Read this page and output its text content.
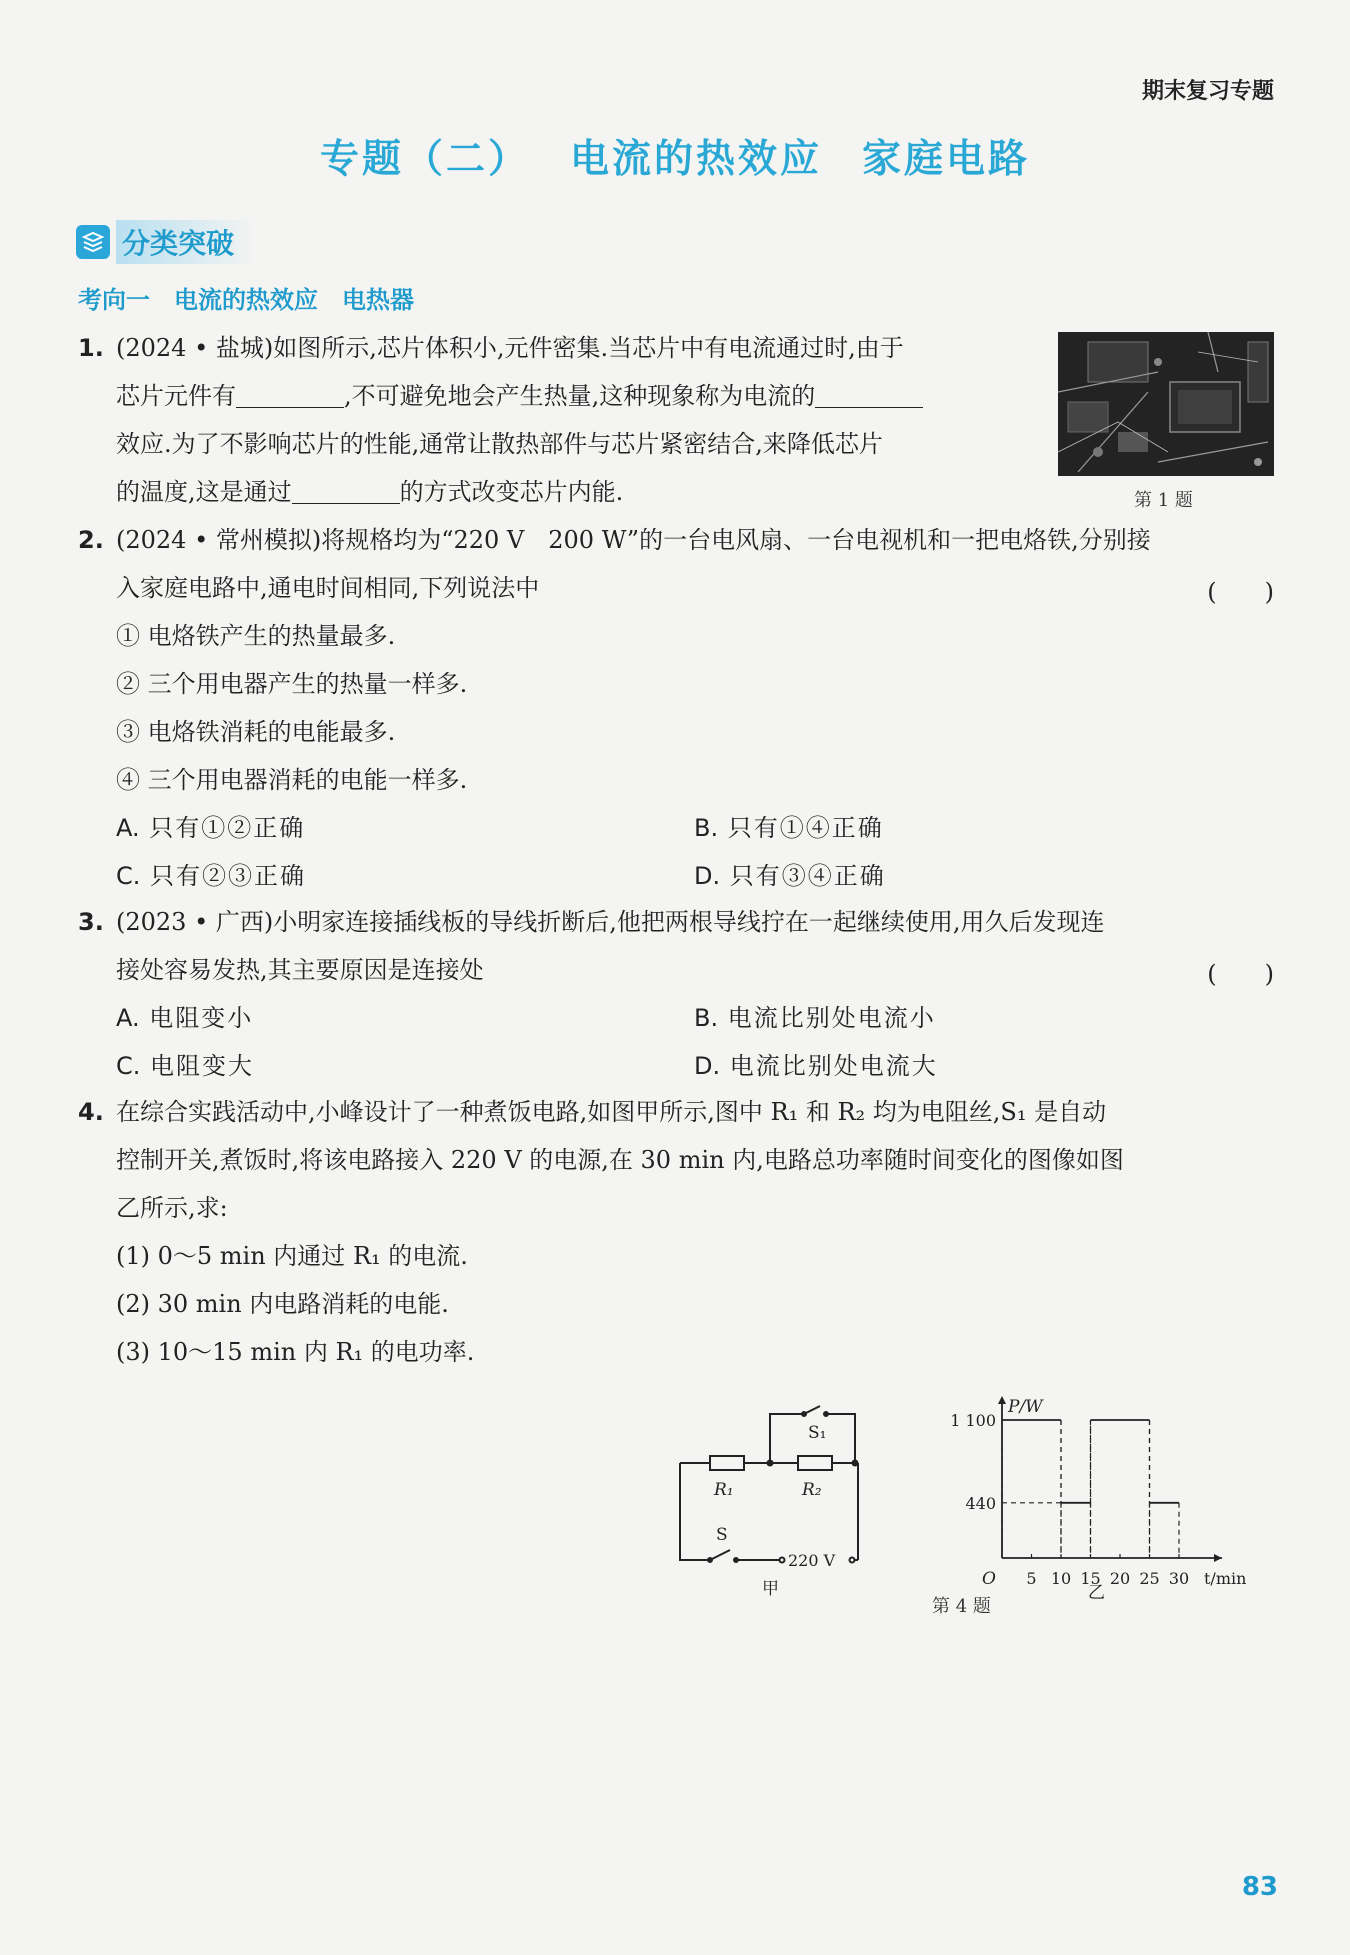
期末复习专题
专题（二） 电流的热效应 家庭电路
分类突破
考向一　电流的热效应　电热器
1. (2024 • 盐城)如图所示,芯片体积小,元件密集.当芯片中有电流通过时,由于
芯片元件有	,不可避免地会产生热量,这种现象称为电流的
效应.为了不影响芯片的性能,通常让散热部件与芯片紧密结合,来降低芯片
的温度,这是通过	的方式改变芯片内能.	第 1 题
2. (2024 • 常州模拟)将规格均为“220 V　200 W”的一台电风扇、一台电视机和一把电烙铁,分别接
入家庭电路中,通电时间相同,下列说法中	(　　)
① 电烙铁产生的热量最多.
② 三个用电器产生的热量一样多.
③ 电烙铁消耗的电能最多.
④ 三个用电器消耗的电能一样多.
A. 只有①②正确	B. 只有①④正确
C. 只有②③正确	D. 只有③④正确
3. (2023 • 广西)小明家连接插线板的导线折断后,他把两根导线拧在一起继续使用,用久后发现连
接处容易发热,其主要原因是连接处	(　　)
A. 电阻变小	B. 电流比别处电流小
C. 电阻变大	D. 电流比别处电流大
4. 在综合实践活动中,小峰设计了一种煮饭电路,如图甲所示,图中 R₁ 和 R₂ 均为电阻丝,S₁ 是自动
控制开关,煮饭时,将该电路接入 220 V 的电源,在 30 min 内,电路总功率随时间变化的图像如图
乙所示,求:
(1) 0～5 min 内通过 R₁ 的电流.
(2) 30 min 内电路消耗的电能.
(3) 10～15 min 内 R₁ 的电功率.
S₁
R₁	R₂
S
220 V
甲
5 10 15 20 25 30
440
1 100
P/W
t/min
O
乙
第 4 题
83
